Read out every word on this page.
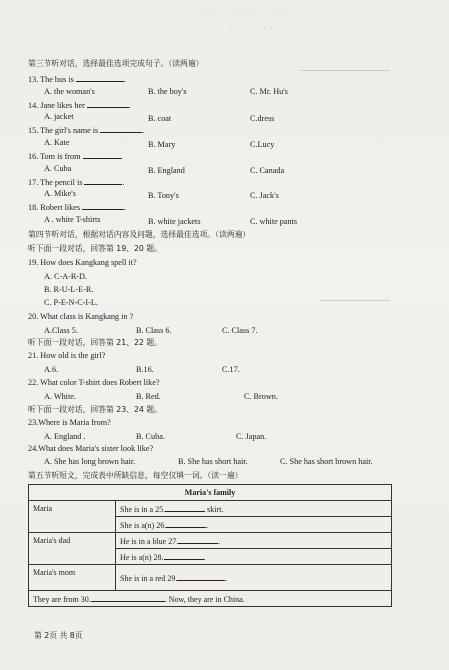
· · · · · · · · · · · · · ·
· · · · · · · · · · · ·
第三节听对话，选择最佳选项完成句子。（读两遍）
13. The bus is	.
A. the woman's	B. the boy's	C. Mr. Hu's
14. Jane likes her	.
A. jacket	B. coat	C.dress
15. The girl's name is	.
A. Kate	B. Mary	C.Lucy
16. Tom is from	.
A. Cuba	B. England	C. Canada
17. The pencil is	.
A. Mike's	B. Tony's	C. Jack's
18. Robert likes	.
A . white T-shirts	B. white jackets	C. white pants
第四节听对话，根据对话内容及问题，选择最佳选项。（读两遍）
听下面一段对话，回答第 19、20 题。
19. How does Kangkang spell it?
A. C-A-R-D.
B. R-U-L-E-R.
C. P-E-N-C-I-L.
20. What class is Kangkang in ?
A.Class 5.	B. Class 6.	C. Class 7.
听下面一段对话，回答第 21、22 题。
21. How old is the girl?
A.6.	B.16.	C.17.
22. What color T-shirt does Robert like?
A. White.	B. Red.	C. Brown.
听下面一段对话，回答第 23、24 题。
23.Where is Maria from?
A. England .	B. Cuba.	C. Japan.
24.What does Maria's sister look like?
A. She has long brown hair.	B. She has short hair.	C. She has short brown hair.
第五节听短文，完成表中所缺信息，每空仅填一词。（读一遍）
Maria's family	
Maria	She is in a 25. skirt.
	She is a(n) 26. .
Maria's dad	He is in a blue 27. .
	He is a(n) 28. .
Maria's mom	She is in a red 29. .
They are from 30. . Now, they are in China.	
第 2页 共 8页
